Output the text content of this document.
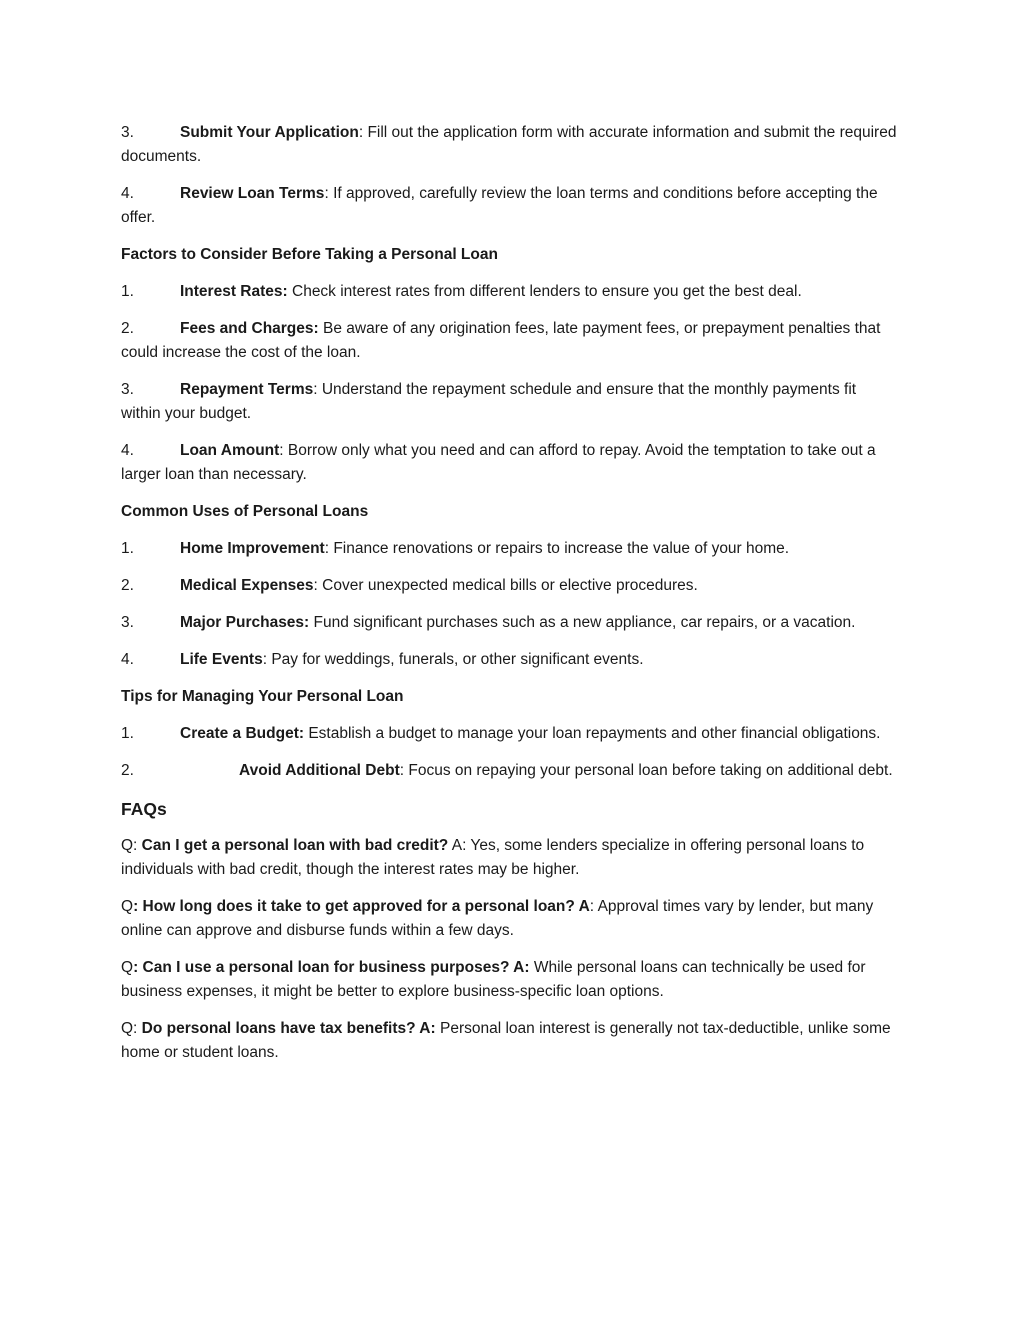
3.	Submit Your Application: Fill out the application form with accurate information and submit the required documents.

4.	Review Loan Terms: If approved, carefully review the loan terms and conditions before accepting the offer.

Factors to Consider Before Taking a Personal Loan

1.	Interest Rates: Check interest rates from different lenders to ensure you get the best deal.

2.	Fees and Charges: Be aware of any origination fees, late payment fees, or prepayment penalties that could increase the cost of the loan.

3.	Repayment Terms: Understand the repayment schedule and ensure that the monthly payments fit within your budget.

4.	Loan Amount: Borrow only what you need and can afford to repay. Avoid the temptation to take out a larger loan than necessary.

Common Uses of Personal Loans

1.	Home Improvement: Finance renovations or repairs to increase the value of your home.

2.	Medical Expenses: Cover unexpected medical bills or elective procedures.

3.	Major Purchases: Fund significant purchases such as a new appliance, car repairs, or a vacation.

4.	Life Events: Pay for weddings, funerals, or other significant events.

Tips for Managing Your Personal Loan

1.	Create a Budget: Establish a budget to manage your loan repayments and other financial obligations.

2.	Avoid Additional Debt: Focus on repaying your personal loan before taking on additional debt.

FAQs

Q: Can I get a personal loan with bad credit? A: Yes, some lenders specialize in offering personal loans to individuals with bad credit, though the interest rates may be higher.

Q: How long does it take to get approved for a personal loan? A: Approval times vary by lender, but many online can approve and disburse funds within a few days.

Q: Can I use a personal loan for business purposes? A: While personal loans can technically be used for business expenses, it might be better to explore business-specific loan options.

Q: Do personal loans have tax benefits? A: Personal loan interest is generally not tax-deductible, unlike some home or student loans.
